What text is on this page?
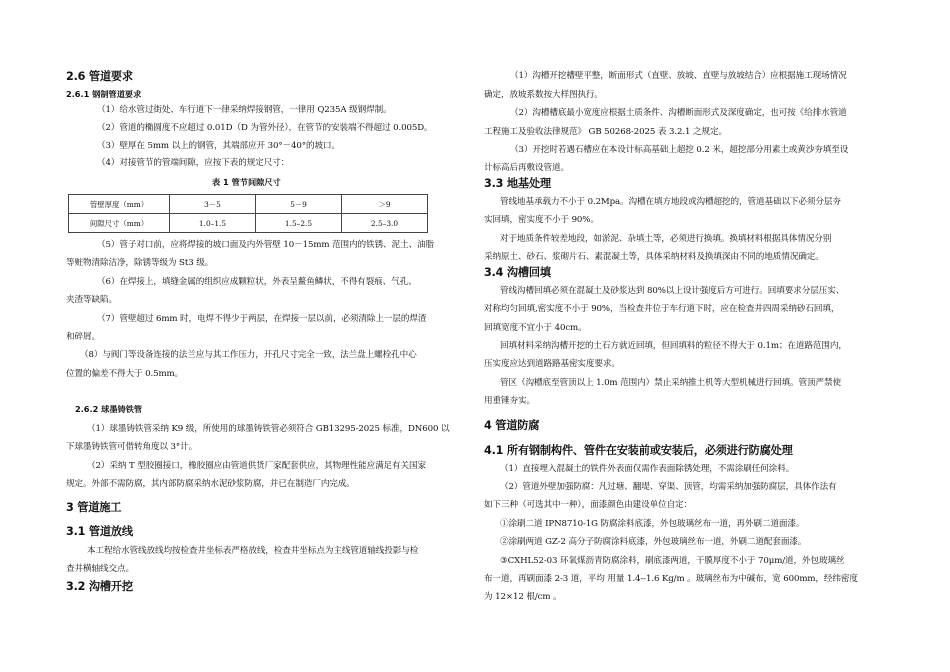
2.6 管道要求
2.6.1 钢制管道要求
（1）给水管过街处、车行道下一律采纳焊接钢管，一律用 Q235A 级钢焊制。
（2）管道的椭圆度不应超过 0.01D（D 为管外径），在管节的安装端不得超过 0.005D。
（3）壁厚在 5mm 以上的钢管，其端部应开 30°－40°的坡口。
（4）对接管节的管端间隙，应按下表的规定尺寸：
表 1 管节间隙尺寸
管壁厚度（mm）	3－5	5－9	＞9
间隙尺寸（mm）	1.0–1.5	1.5–2.5	2.5–3.0
（5）管子对口前，应将焊接的坡口面及内外管壁 10－15mm 范围内的铁锈、泥土、油脂
等赃物清除洁净，除锈等级为 St3 级。
（6）在焊接上，填缝金属的组织应成颗粒状，外表呈鳌鱼鳞状，不得有裂痕、气孔、
夹渣等缺陷。
（7）管壁超过 6mm 时，电焊不得少于两层，在焊接一层以前，必须清除上一层的焊渣
和碎屑。
（8）与阀门等设备连接的法兰应与其工作压力，开孔尺寸完全一致，法兰盘上螺栓孔中心
位置的偏差不得大于 0.5mm。
2.6.2 球墨铸铁管
（1）球墨铸铁管采纳 K9 级，所使用的球墨铸铁管必须符合 GB13295-2025 标准，DN600 以
下球墨铸铁管可借转角度以 3°计。
（2）采纳 T 型胶圈接口，橡胶圈应由管道供货厂家配套供应，其物理性能应满足有关国家
规定。外部不需防腐，其内部防腐采纳水泥砂浆防腐，并已在制造厂内完成。
3 管道施工
3.1 管道放线
本工程给水管线放线均按检查井坐标表严格放线，检查井坐标点为主线管道轴线投影与检
查井横轴线交点。
3.2 沟槽开挖
（1）沟槽开挖槽壁平整，断面形式（直壁、放坡、直壁与放坡结合）应根据施工现场情况
确定，放坡系数按大样图执行。
（2）沟槽槽底最小宽度应根据土质条件、沟槽断面形式及深度确定，也可按《给排水管道
工程施工及验收法律规范》 GB 50268-2025 表 3.2.1 之规定。
（3）开挖时若遇石槽应在本设计标高基础上超挖 0.2 米，超挖部分用素土或黄沙夯填至设
计标高后再敷设管道。
3.3 地基处理
管线地基承载力不小于 0.2Mpa。沟槽在填方地段或沟槽超挖的，管道基础以下必须分层夯
实回填，密实度不小于 90%。
对于地质条件较差地段，如淤泥、杂填土等，必须进行换填。换填材料根据具体情况分别
采纳原土、砂石、浆砌片石、素混凝土等，具体采纳材料及换填深由不同的地质情况确定。
3.4 沟槽回填
管线沟槽回填必须在混凝土及砂浆达到 80%以上设计强度后方可进行。回填要求分层压实、
对称均匀回填,密实度不小于 90%，当检查井位于车行道下时，应在检查井四周采纳砂石回填，
回填宽度不宜小于 40cm。
回填材料采纳沟槽开挖的土石方就近回填，但回填料的粒径不得大于 0.1m；在道路范围内，
压实度应达到道路路基密实度要求。
管区（沟槽底至管顶以上 1.0m 范围内）禁止采纳推土机等大型机械进行回填。管顶严禁使
用重锤夯实。
4 管道防腐
4.1 所有钢制构件、管件在安装前或安装后，必须进行防腐处理
（1）直接埋入混凝土的铁件外表面仅需作表面除锈处理，不需涂刷任何涂料。
（2）管道外壁加强防腐：凡过塘、翻堤、穿渠、顶管，均需采纳加强防腐层，具体作法有
如下三种（可选其中一种），面漆颜色由建设单位自定：
①涂刷二道 IPN8710-1G 防腐涂料底漆，外包玻璃丝布一道，再外刷二道面漆。
②涂刷两道 GZ-2 高分子防腐涂料底漆，外包玻璃丝布一道，外刷二道配套面漆。
③CXHL52-03 环氧煤沥青防腐涂料，刷底漆两道，干膜厚度不小于 70μm/道，外包玻璃丝
布一道，再刷面漆 2-3 道，平均 用量 1.4--1.6 Kg/m 。玻璃丝布为中碱布，宽 600mm，经纬密度
为 12×12 根/cm 。
